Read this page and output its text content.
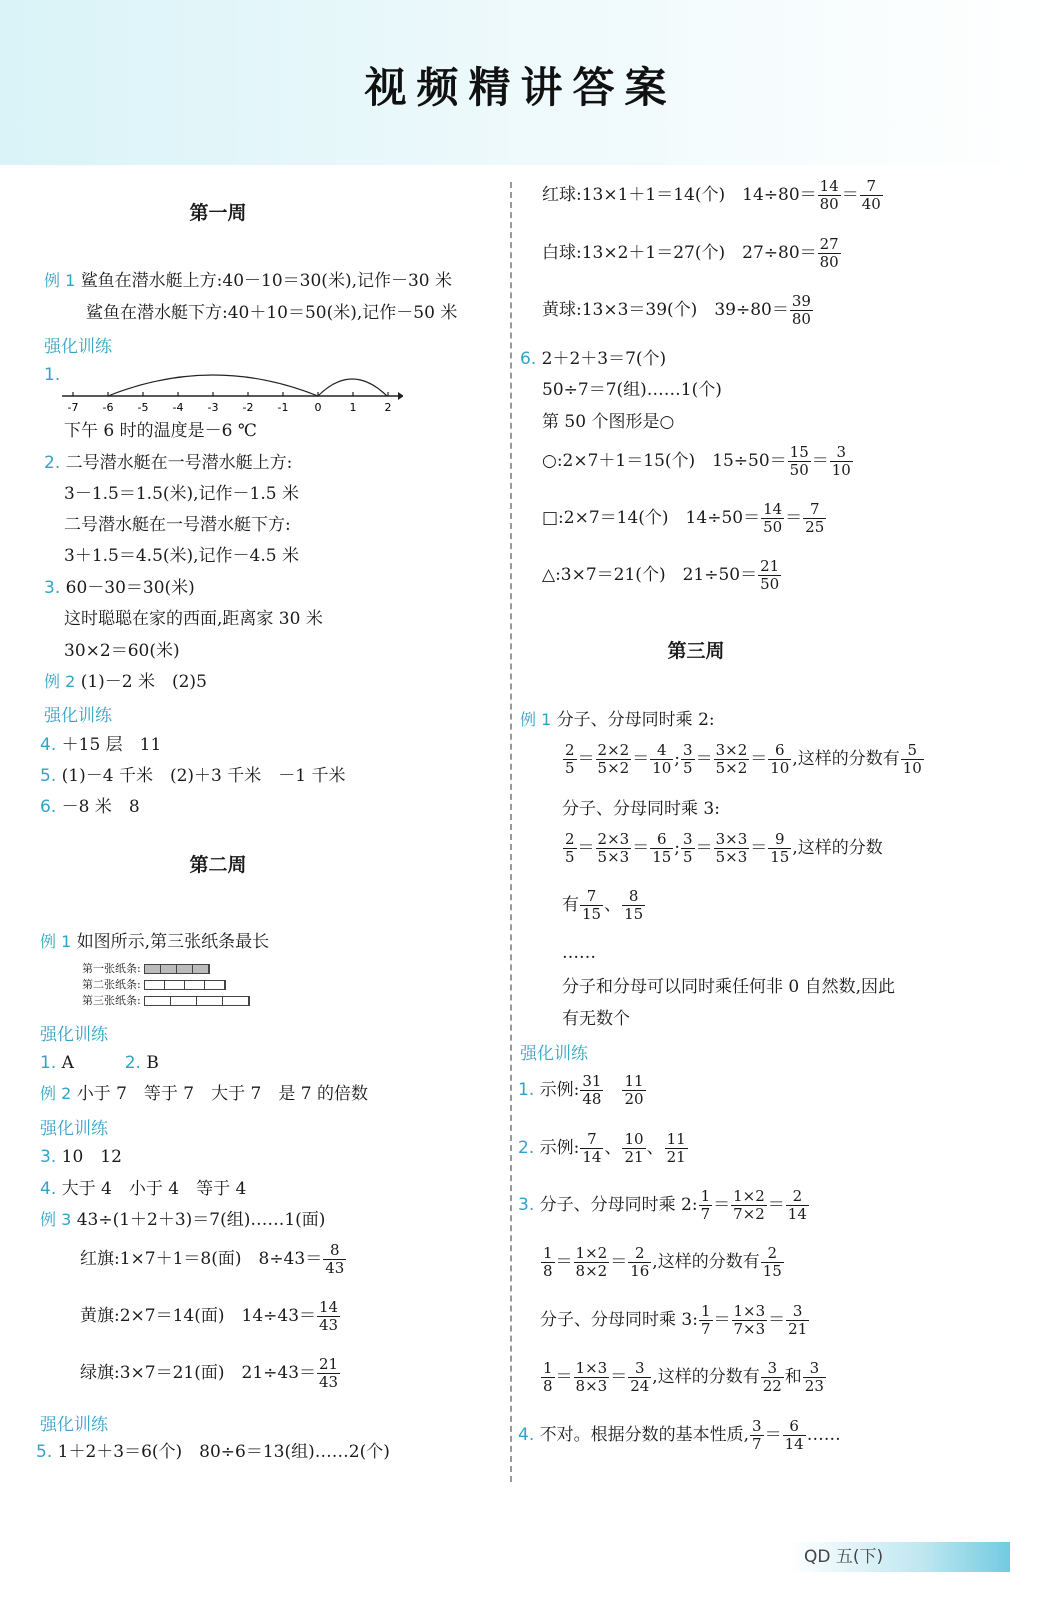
视频精讲答案
第一周
例 1 鲨鱼在潜水艇上方:40－10＝30(米),记作－30 米
鲨鱼在潜水艇下方:40＋10＝50(米),记作－50 米
强化训练
1.
-7 -6 -5 -4 -3 -2 -1 0	1	2
下午 6 时的温度是－6 ℃
2. 二号潜水艇在一号潜水艇上方:
3－1.5＝1.5(米),记作－1.5 米
二号潜水艇在一号潜水艇下方:
3＋1.5＝4.5(米),记作－4.5 米
3. 60－30＝30(米)
这时聪聪在家的西面,距离家 30 米
30×2＝60(米)
例 2 (1)－2 米　(2)5
强化训练
4. ＋15 层　11
5. (1)－4 千米　(2)＋3 千米　－1 千米
6. －8 米　8
第二周
例 1 如图所示,第三张纸条最长
第一张纸条:
第二张纸条:
第三张纸条:
强化训练
1. A	2. B
例 2 小于 7　等于 7　大于 7　是 7 的倍数
强化训练
3. 10　12
4. 大于 4　小于 4　等于 4
例 3 43÷(1＋2＋3)＝7(组)……1(面)
红旗:1×7＋1＝8(面)　$8\div 43= \frac{8}{43}$
黄旗:2×7＝14(面)　$14\div 43= \frac{14}{43}$
绿旗:3×7＝21(面)　$21\div 43= \frac{21}{43}$
强化训练
5. 1＋2＋3＝6(个)　80÷6＝13(组)……2(个)
红球:13×1＋1＝14(个)　$14\div 80= \frac{14}{80} = \frac{7}{40}$
白球:13×2＋1＝27(个)　$27\div 80= \frac{27}{80}$
黄球:13×3＝39(个)　$39\div 80= \frac{39}{80}$
6. 2＋2＋3＝7(个)
50÷7＝7(组)……1(个)
第 50 个图形是○
○:2×7＋1＝15(个)　$15\div 50= \frac{15}{50} = \frac{3}{10}$
□:2×7＝14(个)　$14\div 50= \frac{14}{50} = \frac{7}{25}$
△:3×7＝21(个)　$21\div 50= \frac{21}{50}$
第三周
例 1 分子、分母同时乘 2:
$\frac{2}{5} = \frac{2\times 2}{5\times 2} = \frac{4}{10}$ ; $\frac{3}{5} = \frac{3\times 2}{5\times 2} = \frac{6}{10}$ ,这样的分数有 $\frac{5}{10}$
分子、分母同时乘 3:
$\frac{2}{5} = \frac{2\times 3}{5\times 3} = \frac{6}{15}$ ; $\frac{3}{5} = \frac{3\times 3}{5\times 3} = \frac{9}{15}$ ,这样的分数
有 $\frac{7}{15}$ 、 $\frac{8}{15}$
……
分子和分母可以同时乘任何非 0 自然数,因此
有无数个
强化训练
1. 示例: $\frac{31}{48}$
　 $\frac{11}{20}$
2. 示例: $\frac{7}{14}$ 、 $\frac{10}{21}$ 、 $\frac{11}{21}$
3. 分子、分母同时乘 2: $\frac{1}{7} = \frac{1\times 2}{7\times 2} = \frac{2}{14}$
$\frac{1}{8} = \frac{1\times 2}{8\times 2} = \frac{2}{16}$ ,这样的分数有 $\frac{2}{15}$
分子、分母同时乘 3: $\frac{1}{7} = \frac{1\times 3}{7\times 3} = \frac{3}{21}$
$\frac{1}{8} = \frac{1\times 3}{8\times 3} = \frac{3}{24}$ ,这样的分数有 $\frac{3}{22}$ 和 $\frac{3}{23}$
4. 不对。根据分数的基本性质, $\frac{3}{7} = \frac{6}{14}$ ……
QD 五(下)
